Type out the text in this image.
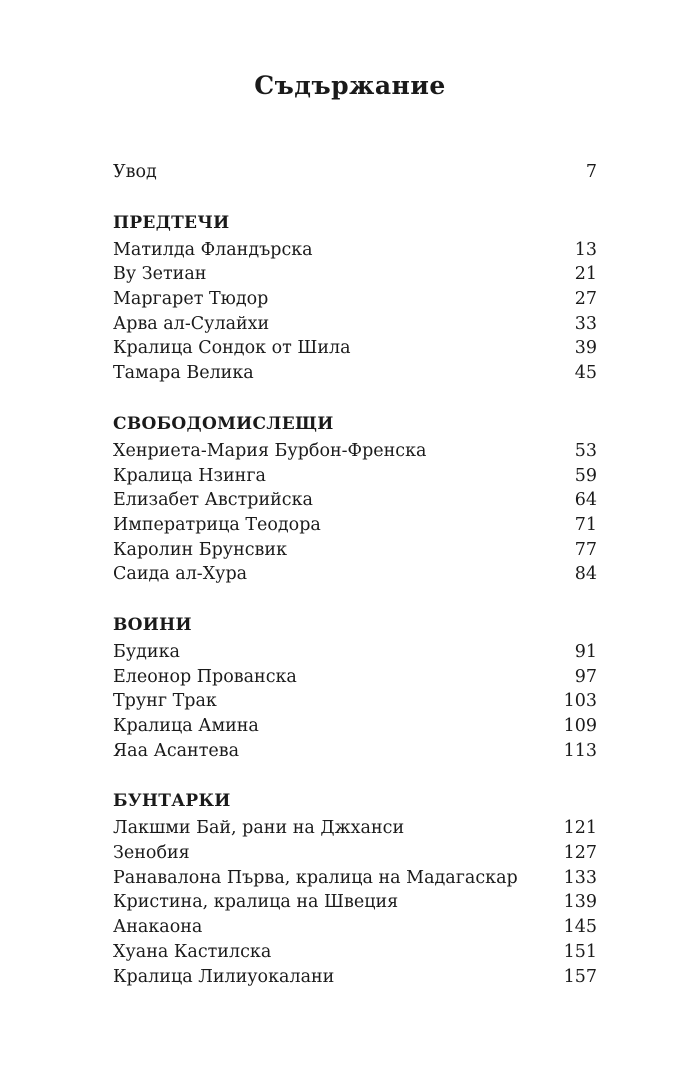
Съдържание
Увод	7
ПРЕДТЕЧИ
Матилда Фландърска	13
Ву Зетиан	21
Маргарет Тюдор	27
Арва ал-Сулайхи	33
Кралица Сондок от Шила	39
Тамара Велика	45
СВОБОДОМИСЛЕЩИ
Хенриета-Мария Бурбон-Френска	53
Кралица Нзинга	59
Елизабет Австрийска	64
Императрица Теодора	71
Каролин Брунсвик	77
Саида ал-Хура	84
ВОИНИ
Будика	91
Елеонор Прованска	97
Трунг Трак	103
Кралица Амина	109
Яаа Асантева	113
БУНТАРКИ
Лакшми Бай, рани на Джханси	121
Зенобия	127
Ранавалона Първа, кралица на Мадагаскар	133
Кристина, кралица на Швеция	139
Анакаона	145
Хуана Кастилска	151
Кралица Лилиуокалани	157
